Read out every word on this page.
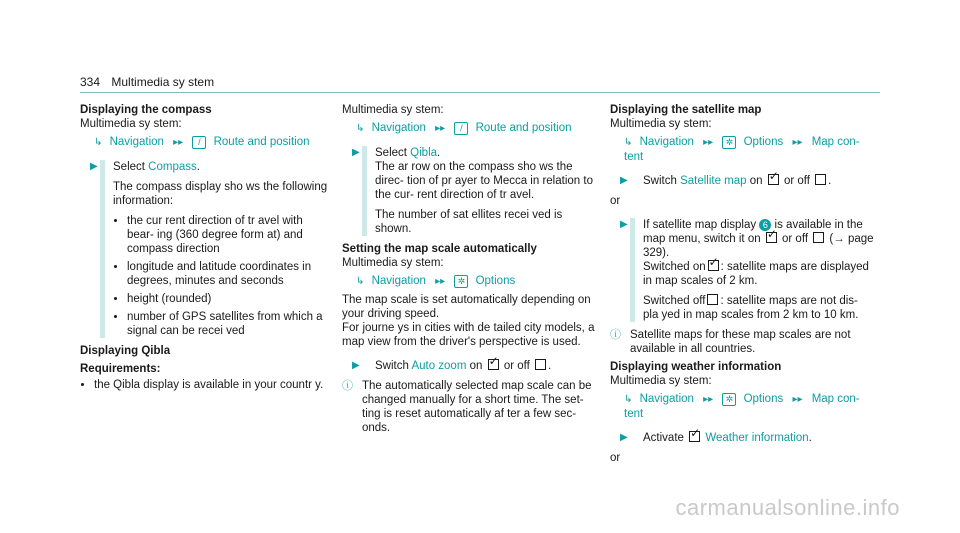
334 Multimedia sy stem

Displaying the compass

Multimedia sy stem:

↳ Navigation ▸▸ / Route and position
▶ Select Compass.

The compass display sho ws the following information:

• the cur rent direction of tr avel with bear- ing (360 degree form at) and compass direction
• longitude and latitude coordinates in degrees, minutes and seconds
• height (rounded)
• number of GPS satellites from which a signal can be recei ved

Displaying Qibla

Requirements:

• the Qibla display is available in your countr y.

Multimedia sy stem:

↳ Navigation ▸▸ / Route and position
▶ Select Qibla.

The ar row on the compass sho ws the direc- tion of pr ayer to Mecca in relation to the cur- rent direction of tr avel.

The number of sat ellites recei ved is shown.

Setting the map scale automatically

Multimedia sy stem:

↳ Navigation ▸▸ ✲ Options

The map scale is set automatically depending on your driving speed.

For journe ys in cities with de tailed city models, a map view from the driver's perspective is used.

▶	Switch Auto zoom on ✓ or off .
ⓘ The automatically selected map scale can be changed manually for a short time. The set- ting is reset automatically af ter a few sec- onds.

Displaying the satellite map

Multimedia sy stem:

↳ Navigation ▸▸ ✲ Options ▸▸ Map con- tent
▶	Switch Satellite map on ✓ or off .

or

▶ If satellite map display 6 is available in the map menu, switch it on ✓ or off (→ page 329).
Switched on ✓ : satellite maps are displayed in map scales of 2 km.

Switched off : satellite maps are not dis- pla yed in map scales from 2 km to 10 km.

ⓘ Satellite maps for these map scales are not available in all countries.

Displaying weather information

Multimedia sy stem:

↳ Navigation ▸▸ ✲ Options ▸▸ Map con- tent
▶	Activate ✓ Weather information.

or

carmanualsonline.info
